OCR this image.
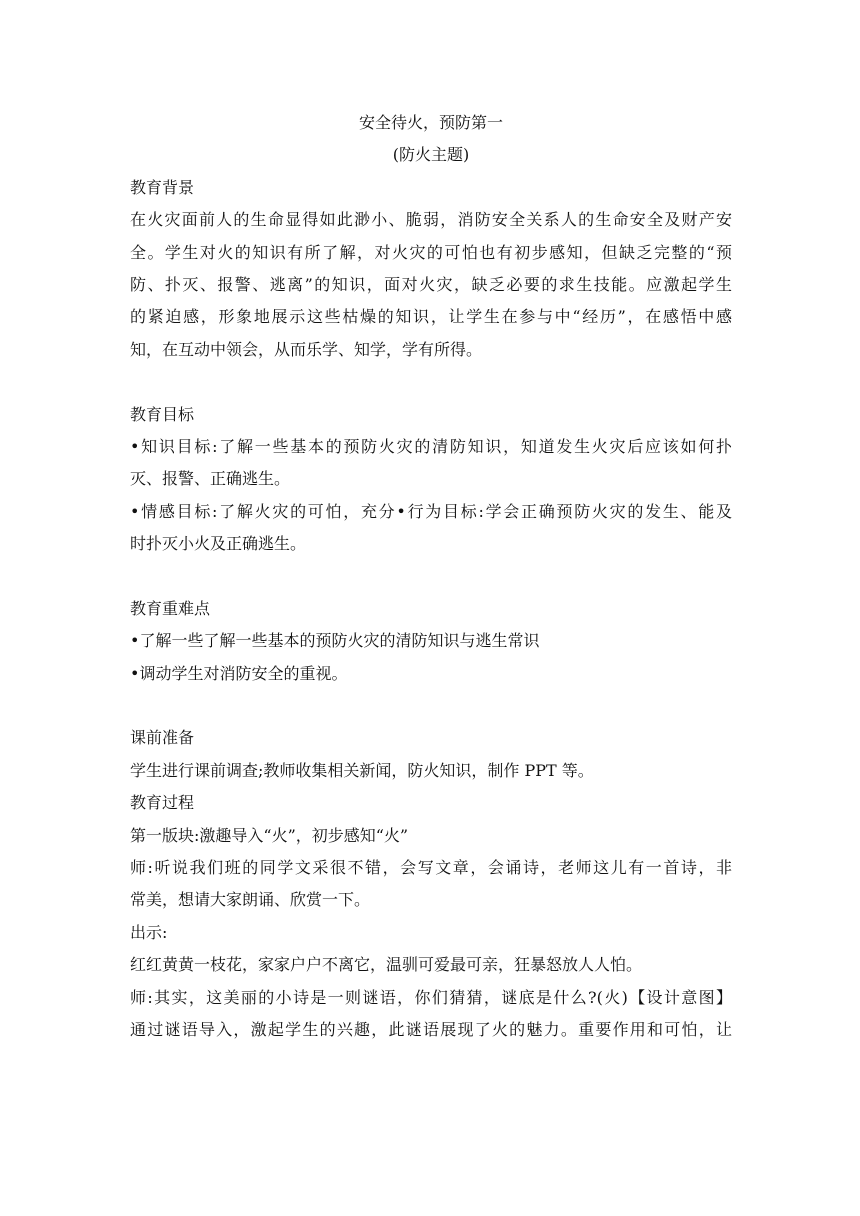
安全待火，预防第一
(防火主题)
教育背景
在火灾面前人的生命显得如此渺小、脆弱，消防安全关系人的生命安全及财产安
全。学生对火的知识有所了解，对火灾的可怕也有初步感知，但缺乏完整的“预
防、扑灭、报警、逃离”的知识，面对火灾，缺乏必要的求生技能。应激起学生
的紧迫感，形象地展示这些枯燥的知识，让学生在参与中“经历”，在感悟中感
知，在互动中领会，从而乐学、知学，学有所得。
教育目标
•知识目标:了解一些基本的预防火灾的清防知识，知道发生火灾后应该如何扑
灭、报警、正确逃生。
•情感目标:了解火灾的可怕，充分•行为目标:学会正确预防火灾的发生、能及
时扑灭小火及正确逃生。
教育重难点
•了解一些了解一些基本的预防火灾的清防知识与逃生常识
•调动学生对消防安全的重视。
课前准备
学生进行课前调查;教师收集相关新闻，防火知识，制作 PPT 等。
教育过程
第一版块:激趣导入“火”，初步感知“火”
师:听说我们班的同学文采很不错，会写文章，会诵诗，老师这儿有一首诗，非
常美，想请大家朗诵、欣赏一下。
出示:
红红黄黄一枝花，家家户户不离它，温驯可爱最可亲，狂暴怒放人人怕。
师:其实，这美丽的小诗是一则谜语，你们猜猜，谜底是什么?(火)【设计意图】
通过谜语导入，激起学生的兴趣，此谜语展现了火的魅力。重要作用和可怕，让
